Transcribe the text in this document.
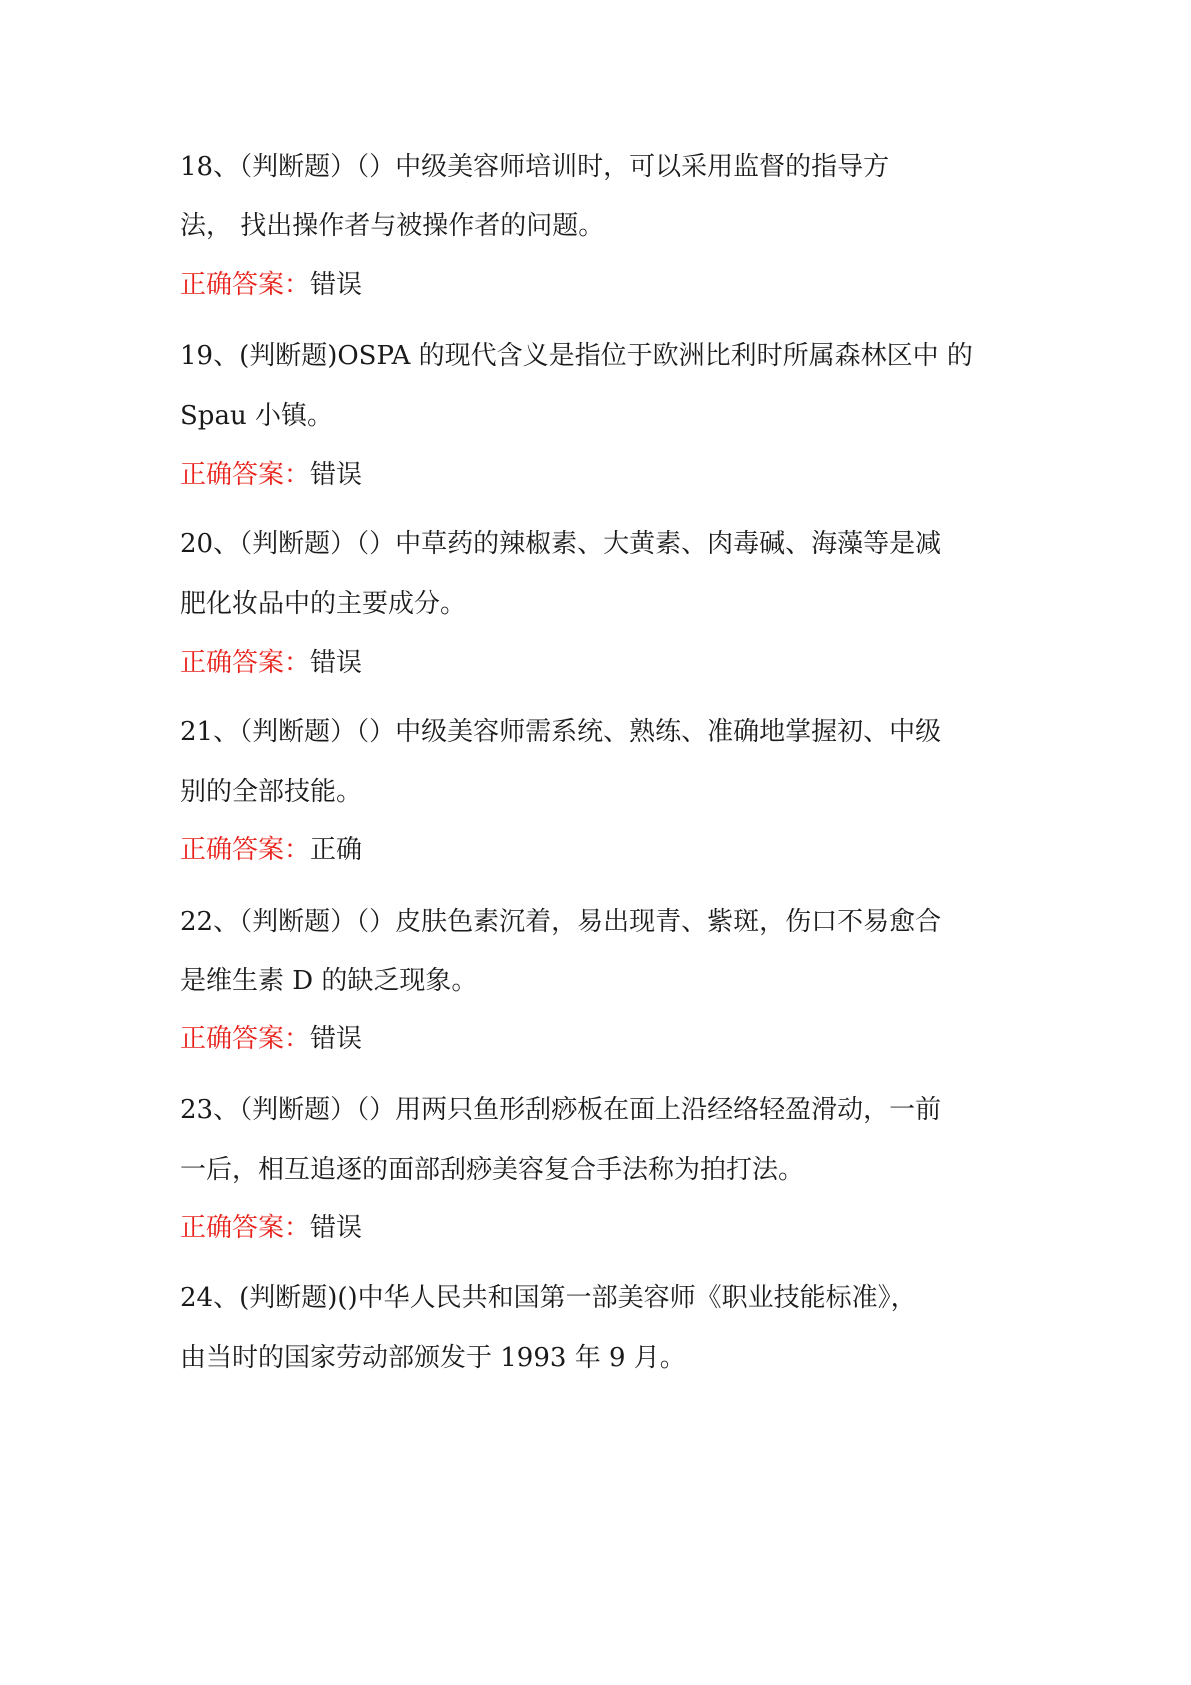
18、（判断题）（）中级美容师培训时，可以采用监督的指导方
法， 找出操作者与被操作者的问题。
正确答案：错误
19、(判断题)OSPA 的现代含义是指位于欧洲比利时所属森林区中 的
Spau 小镇。
正确答案：错误
20、（判断题）（）中草药的辣椒素、大黄素、肉毒碱、海藻等是减
肥化妆品中的主要成分。
正确答案：错误
21、（判断题）（）中级美容师需系统、熟练、准确地掌握初、中级
别的全部技能。
正确答案：正确
22、（判断题）（）皮肤色素沉着，易出现青、紫斑，伤口不易愈合
是维生素 D 的缺乏现象。
正确答案：错误
23、（判断题）（）用两只鱼形刮痧板在面上沿经络轻盈滑动，一前
一后，相互追逐的面部刮痧美容复合手法称为拍打法。
正确答案：错误
24、(判断题)()中华人民共和国第一部美容师《职业技能标准》，
由当时的国家劳动部颁发于 1993 年 9 月。
